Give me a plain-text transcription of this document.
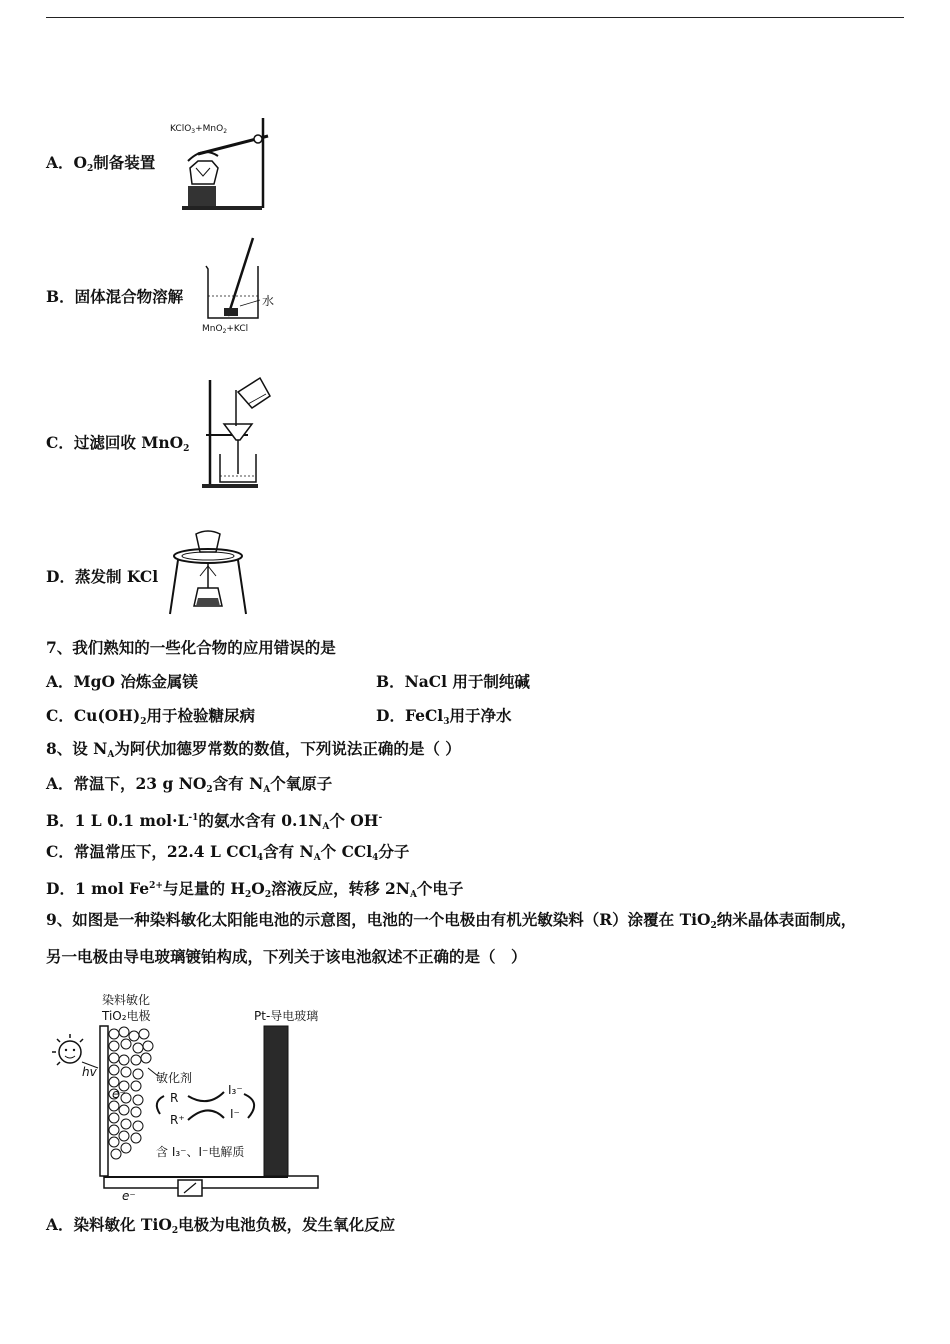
A．$O_2$制备装置
KClO$_3$+MnO$_2$
B．固体混合物溶解	水
MnO$_2$+KCl
C．过滤回收 MnO$_2$
D．蒸发制 KCl
7、我们熟知的一些化合物的应用错误的是
A．MgO 冶炼金属镁	B．NaCl 用于制纯碱
C．$Cu(OH)_2$用于检验糖尿病	D．FeCl$_3$用于净水
8、设 $N_A$为阿伏加德罗常数的数值，下列说法正确的是（ ）
A．常温下，23 g $NO_2$含有 $N_A$个氧原子
B．1 L 0.1 $mol\cdot L^{-1}$的氨水含有 $0.1N_A$个 OH-
C．常温常压下，22.4 L CCl$_4$含有 $N_A$个 CCl$_4$分子
D．1 mol $Fe^{2+}$与足量的 $H_2O_2$溶液反应，转移 $2N_A$个电子
9、如图是一种染料敏化太阳能电池的示意图，电池的一个电极由有机光敏染料（R）涂覆在 TiO$_2$纳米晶体表面制成，
另一电极由导电玻璃镀铂构成，下列关于该电池叙述不正确的是（　）
染料敏化
TiO₂电极	Pt-导电玻璃
hv
e⁻
敏化剂
R
R⁺
I₃⁻
I⁻
含 I₃⁻、I⁻电解质
e⁻
A．染料敏化 TiO$_2$电极为电池负极，发生氧化反应
